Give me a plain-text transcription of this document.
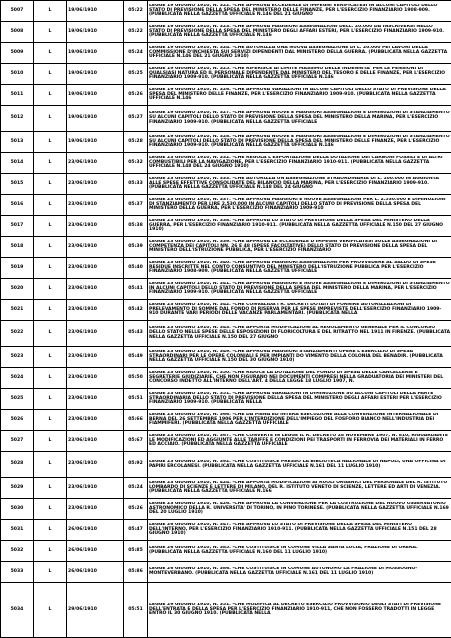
5007	L	19/06/1910	05:22	LEGGE 19 GIUGNO 1910, N. 322. -CHE APPROVA ECCEDENZE DI IMPEGNI VERIFICATESI IN ALCUNI CAPITOLI DELLO STATO DI PREVISIONE DELLA SPESA DEL MINISTERO DELLE FINANZE, PER L'ESERCIZIO FINANZIARIO 1908-909. (PUBBLICATA NELLA GAZZETTA UFFICIALE N.146 DEL 21 GIUGNO

5008	L	19/06/1910	05:22	LEGGE 19 GIUGNO 1910, N. 323. -CHE APPROVA MAGGIORI ASSEGNAZIONI DELL. 20.000 DA INSCRIVERSI NELLO STATO DI PREVISIONE DELLA SPESA DEL MINISTERO DEGLI AFFARI ESTERI, PER L'ESERCIZIO FINANZIARIO 1909-910. (PUBBLICATA NELLA GAZZETTA UFFICIALE N.146

5009	L	19/06/1910	05:24	LEGGE 19 GIUGNO 1910, N. 324. -CHE AUTORIZZA UNA NUOVA ASSEGNAZIONE DI L. 20.000 PEI LAVORI DELLA COMMISSIONE D'INCHIESTA SUI SERVIZI DIPENDENTI DAL MINISTERO DELLA GUERRA. (PUBBLICATA NELLA GAZZETTA UFFICIALE N.146 DEL 21 GIUGNO 1910)

5010	L	19/06/1910	05:25	LEGGE 19 GIUGNO 1910, N. 325. -CHE RIFERISCE AI LIMITE MASSIMO DELLE INDENNITA' PER LE PENSIONI DI QUALSIASI NATURA ED IL PERSONALE DIPENDENTE DAL MINISTERO DEL TESORO E DELLE FINANZE, PER L'ESERCIZIO FINANZIARIO 1909-910. (PUBBLICATA NELLA GAZZETTA UFFICIALE N.146

5011	L	19/06/1910	05:26	LEGGE 19 GIUGNO 1910, N. 326. -CHE APPROVA VARIAZIONI IN ALCUNI CAPITOLI DELLO STATO DI PREVISIONE DELLA SPESA DEL MINISTERO DELLE FINANZE, PER L'ESERCIZIO FINANZIARIO 1909-910. (PUBBLICATA NELLA GAZZETTA UFFICIALE N.146

5012	L	19/06/1910	05:27	LEGGE 19 GIUGNO 1910, N. 327. -CHE APPROVA NUOVE E MAGGIORI ASSEGNAZIONI E DIMINUZIONI DI STANZIAMENTO SU ALCUNI CAPITOLI DELLO STATO DI PREVISIONE DELLA SPESA DEL MINISTERO DELLA MARINA, PER L'ESERCIZIO FINANZIARIO 1909-910. (PUBBLICATA NELLA GAZZETTA UFFICIALE

5013	L	19/06/1910	05:28	LEGGE 19 GIUGNO 1910, N. 328. -CHE APPROVA NUOVE E MAGGIORI ASSEGNAZIONI E DIMINUZIONI DI STANZIAMENTO SU ALCUNI CAPITOLI DELLO STATO DI PREVISIONE DELLA SPESA DEL MINISTERO DELLE FINANZE, PER L'ESERCIZIO FINANZIARIO 1909-910. (PUBBLICATA NELLA GAZZETTA UFFICIALE N.146

5014	L	23/06/1910	05:32	LEGGE 23 GIUGNO 1910, N. 332. -CHE REGOLA L'ESPORTAZIONE DELLA DOTAZIONE DEI CARBONI FOSSILI E DI ALTRI COMBUSTIBILI PER LA NAVIGAZIONE, PER L'ESERCIZIO FINANZIARIO 1910-911. (PUBBLICATA NELLA GAZZETTA UFFICIALE N.148 DEL 24 GIUGNO 1910)

5015	L	23/06/1910	05:33	LEGGE 23 GIUGNO 1910, N. 333. -CHE AUTORIZZA UN'ASSEGNAZIONE STRAORDINARIA DI L. 100.000 IN AGGIUNTA ALLE SPESE EFFETTIVE CONSOLIDATE DEL BILANCIO DELLA MARINA, PER L'ESERCIZIO FINANZIARIO 1909-910. (PUBBLICATA NELLA GAZZETTA UFFICIALE N.148 DEL 24 GIUGNO

5016	L	23/06/1910	05:37	LEGGE 23 GIUGNO 1910, N. 337. -CHE APPROVA MAGGIORI E NUOVE ASSEGNAZIONI PER L. 2.530.000 E DIMINUZIONI DI STANZIAMENTO PER LIRE 2.530.000 IN ALCUNI CAPITOLI DELLO STATO DI PREVISIONE DELLA SPESA DEL MINISTERO DELLA GUERRA, PER L'ESERCIZIO FINANZIARIO 1909-910

5017	L	23/06/1910	05:38	LEGGE 23 GIUGNO 1910, N. 338. -CHE APPROVA LO STATO DI PREVISIONE DELLA SPESA DEL MINISTERO DELLA GUERRA, PER L'ESERCIZIO FINANZIARIO 1910-911. (PUBBLICATA NELLA GAZZETTA UFFICIALE N.150 DEL 27 GIUGNO 1910)

5018	L	23/06/1910	05:39	LEGGE 23 GIUGNO 1910, N. 339. -CHE APPROVA LE ECCEDENZE D'IMPEGNI VERIFICATESI SULLE ASSEGNAZIONI DI COMPETENZA DEI CAPITOLI NN. 26 E 48 (SPESE FACOLTATIVE) DELLO STATO DI PREVISIONE DELLA SPESA DEL MINISTERO DELL'ISTRUZIONE PUBBLICA, PER L'ESERCIZIO FINANZIARIO

5019	L	23/06/1910	05:40	LEGGE 23 GIUGNO 1910, N. 340. -CHE APPROVA MAGGIORI ASSEGNAZIONI PER PROVVEDERE AL SALDO DI SPESE RESIDUE INSCRITTE NEL CONTO CONSUNTIVO DEL MINISTERO DELL'ISTRUZIONE PUBBLICA PER L'ESERCIZIO FINANZIARIO 1908-909. (PUBBLICATA NELLA GAZZETTA UFFICIALE

5020	L	23/06/1910	05:41	LEGGE 23 GIUGNO 1910, N. 341. -CHE APPROVA MAGGIORI E NUOVE ASSEGNAZIONI E DIMINUZIONI DI STANZIAMENTO IN ALCUNI CAPITOLI DELLO STATO DI PREVISIONE DELLA SPESA DEL MINISTERO DELLA MARINA, PER L'ESERCIZIO FINANZIARIO 1909-910. (PUBBLICATA NELLA GAZZETTA UFFICIALE

5021	L	23/06/1910	05:42	LEGGE 23 GIUGNO 1910, N. 342. -CHE CONVALIDA I R. DECRETI DOTATI DI FORNIRE AUTORIZZAZIONI DI PRELEVAMENTO DI SOMME DAL FONDO DI RISERVA PER LE SPESE IMPREVISTE DELL'ESERCIZIO FINANZIARIO 1909-910 DURANTE VARI PERIODI DELLE VACANZE PARLAMENTARI. (PUBBLICATA NELLA

5022	L	23/06/1910	05:43	LEGGE 23 GIUGNO 1910, N. 343. -CHE APPORTA MODIFICAZIONI AL REGOLAMENTO GENERALE PER IL CONCORSO DELLO STATO NELLE SPESE DELLE ESPOSIZIONI DI FLORICOLTURA E DEL RITRATTO NEL 1911 IN FIRENZE. (PUBBLICATA NELLA GAZZETTA UFFICIALE N.150 DEL 27 GIUGNO

5023	L	23/06/1910	05:49	LEGGE 23 GIUGNO 1910, N. 349. -CHE APPROVA MAGGIORI STANZIAMENTI OPERE L'ESERCIZIO DI SPESA STRAORDINARI PER LE OPERE COLONIALI E PER IMPIANTI DO VIMENTO DELLA COLONIA DEL BENADIR. (PUBBLICATA NELLA GAZZETTA UFFICIALE N.150 DEL 30 GIUGNO 1910)

5024	L	23/06/1910	05:50	LEGGE 23 GIUGNO 1910, N. 350. -CHE RIDUCE LA DOTAZIONE DEL FONDO DI SPESA DELLE CANCELLERIE E SEGRETERIE GIUDIZIARIE, CHE NON FIGURANO NEI DOCUMENTI COMPRESI NELLA GRADUATORIA DEI MINISTERI DEL CONCORSO INDETTO ALL'INTERNO DELL'ART. 4 DELLA LEGGE 18 LUGLIO 1907, N.

5025	L	23/06/1910	05:51	LEGGE 23 GIUGNO 1910, N. 351. -CHE APPROVA VARIAZIONI IN DIMINUZIONE SU ALCUNI CAPITOLI DELLA PARTE STRAORDINARIA DELLO STATO DI PREVISIONE DELLA SPESA DEL MINISTERO DEGLI AFFARI ESTERI PER L'ESERCIZIO FINANZIARIO 1909-910. (PUBBLICATA NELLA

5026	L	23/06/1910	05:66	LEGGE 23 GIUGNO 1910, N. 366. -CHE DA PIENA ED INTERA ESECUZIONE ALLA CONVENZIONE INTERNAZIONALE DI BERNA DEL 26 SETTEMBRE 1906 PER L'INTERDIZIONE DELL'IMPIEGO DEL FOSFORO BIANCO NELL'INDUSTRIA DEI FIAMMIFERI. (PUBBLICATA NELLA GAZZETTA UFFICIALE

5027	L	23/06/1910	05:67	LEGGE 23 GIUGNO 1910, N. 367. -CHE CONVERTE IN LEGGE IL R. DECRETO 28 NOVEMBRE 1907, N. 810, RIGUARDANTE LE MODIFICAZIONI ED AGGIUNTE ALLE TARIFFE E CONDIZIONI PEI TRASPORTI IN FERROVIA DEI MATERIALI IN FERRO ED ACCIAIO. (PUBBLICATA NELLA GAZZETTA UFFICIALE

5028	L	23/06/1910	05:92	LEGGE 23 GIUGNO 1910, N. 392. -CHE COSTITUISCE PRESSO LA BIBLIOTECA NAZIONALE DI NAPOLI, UNA OFFICINA DI PAPIRI ERCOLANESI. (PUBBLICATA NELLA GAZZETTA UFFICIALE N.161 DEL 11 LUGLIO 1910)

5029	L	23/06/1910	05:24	LEGGE 23 GIUGNO 1910, N. 424. -CHE APPORTA MODIFICAZIONI AI RUOLI ORGANICI DEL PERSONALE DEL R. ISTITUTO LOMBARDO DI SCIENZE E LETTERE DI MILANO, DEL R. ISTITUTO VENETO DI SCIENZE, LETTERE ED ARTI DI VENEZIA. (PUBBLICATA NELLA GAZZETTA UFFICIALE N.166

5030	L	23/06/1910	05:26	LEGGE 23 GIUGNO 1910, N. 426. -CHE APPROVA LA CONVENZIONE PER LA COSTRUZIONE DEL NUOVO OSSERVATORIO ASTRONOMICO DELLA R. UNIVERSITA' DI TORINO, IN PINO TORINESE. (PUBBLICATA NELLA GAZZETTA UFFICIALE N.169 DEL 20 LUGLIO 1910)

5031	L	26/06/1910	05:47	LEGGE 26 GIUGNO 1910, N. 347. -CHE APPROVA LO STATO DI PREVISIONE DELLA SPESA DEL MINISTERO DELL'INTERNO, PER L'ESERCIZIO FINANZIARIO 1910-911. (PUBBLICATA NELLA GAZZETTA UFFICIALE N.151 DEL 28 GIUGNO 1910)

5032	L	26/06/1910	05:85	LEGGE 26 GIUGNO 1910, N. 385. -CHE COSTITUISCE IN COMUNE VILLA SANTA LUCIA, FRAZIONE DI ORERA. (PUBBLICATA NELLA GAZZETTA UFFICIALE N.160 DEL 11 LUGLIO 1910)

5033	L	26/06/1910	05:86	LEGGE 26 GIUGNO 1910, N. 386. -CHE COSTITUISCE IN COMUNE AUTONOMO LA FRAZIONE DI MOSSOGNO-MONTEVERBANO. (PUBBLICATA NELLA GAZZETTA UFFICIALE N.161 DEL 11 LUGLIO 1910)

5034	L	29/06/1910	05:51	LEGGE 29 GIUGNO 1910, N. 351. -CHE MODIFICA AL DECRETO ESERCIZIO PROVVISORIO DEGLI STATI DI PREVISIONE DELL'ENTRATA E DELLA SPESA PER L'ESERCIZIO FINANZIARIO 1910-911, CHE NON FOSSERO TRADOTTI IN LEGGE ENTRO IL 30 GIUGNO 1910. (PUBBLICATA NELLA
